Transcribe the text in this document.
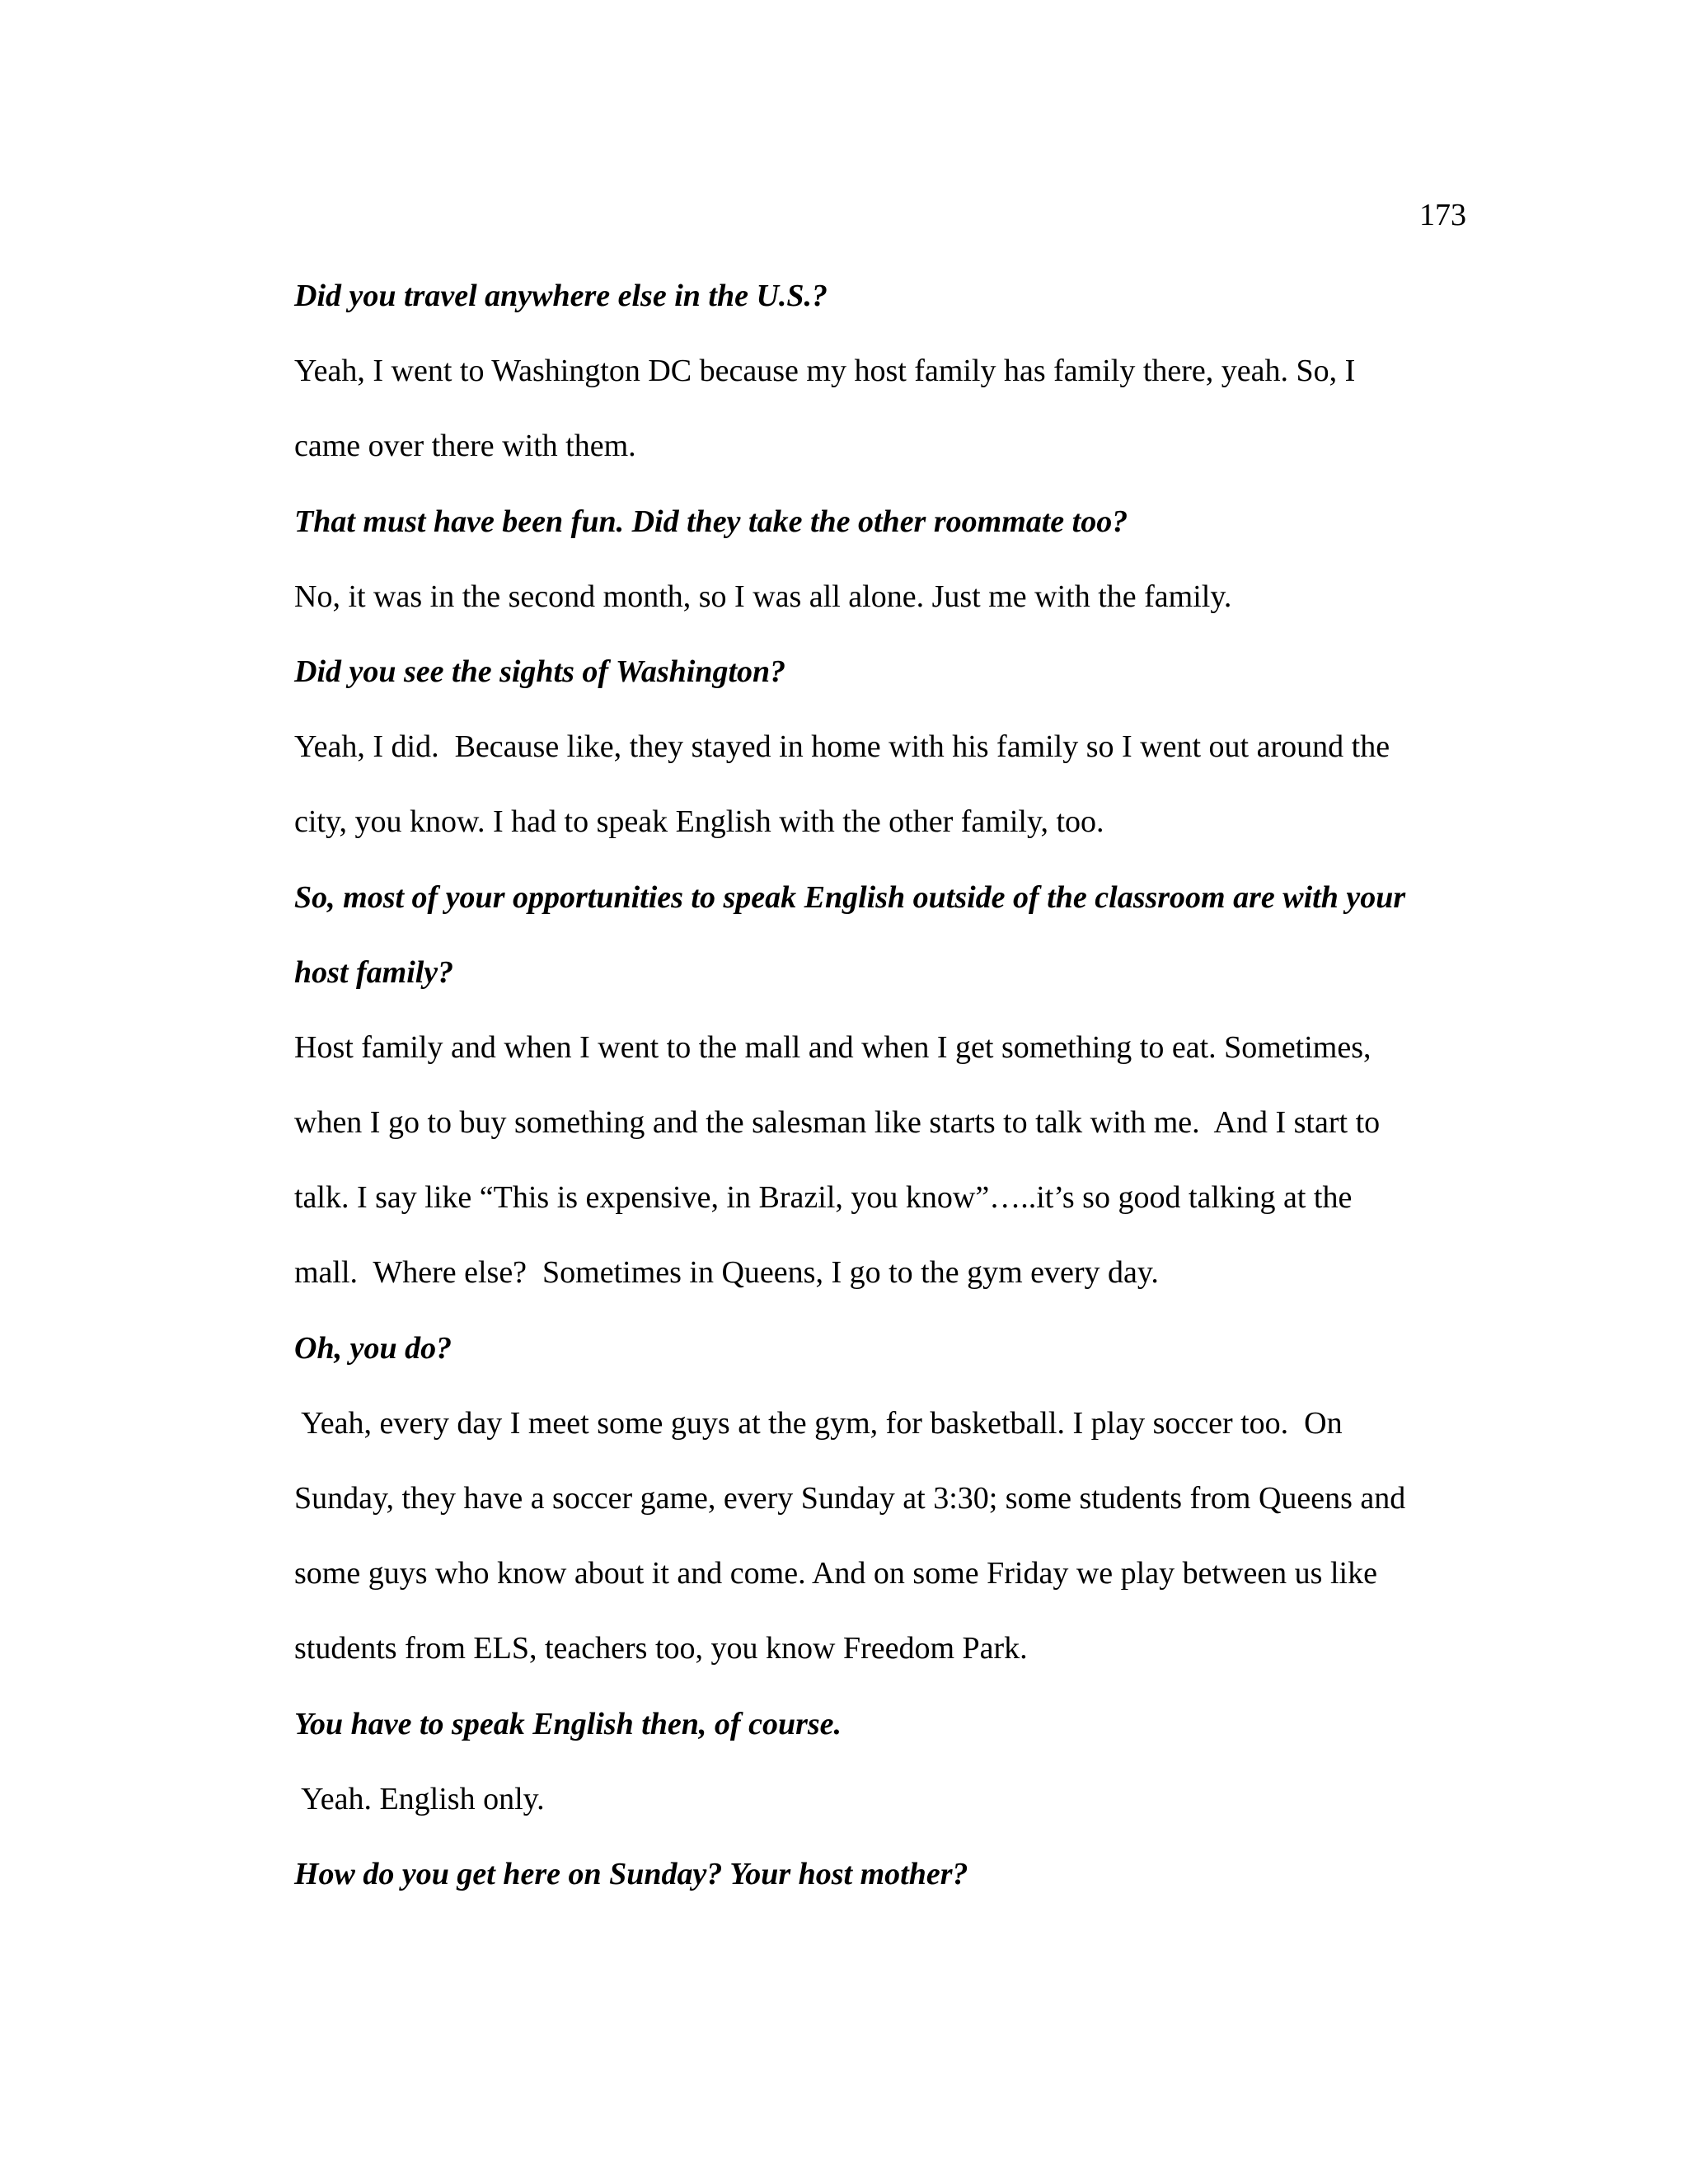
173
Did you travel anywhere else in the U.S.?
Yeah, I went to Washington DC because my host family has family there, yeah. So, I
came over there with them.
That must have been fun. Did they take the other roommate too?
No, it was in the second month, so I was all alone. Just me with the family.
Did you see the sights of Washington?
Yeah, I did.  Because like, they stayed in home with his family so I went out around the
city, you know. I had to speak English with the other family, too.
So, most of your opportunities to speak English outside of the classroom are with your
host family?
Host family and when I went to the mall and when I get something to eat. Sometimes,
when I go to buy something and the salesman like starts to talk with me.  And I start to
talk. I say like “This is expensive, in Brazil, you know”…..it’s so good talking at the
mall.  Where else?  Sometimes in Queens, I go to the gym every day.
Oh, you do?
Yeah, every day I meet some guys at the gym, for basketball. I play soccer too.  On
Sunday, they have a soccer game, every Sunday at 3:30; some students from Queens and
some guys who know about it and come. And on some Friday we play between us like
students from ELS, teachers too, you know Freedom Park.
You have to speak English then, of course.
Yeah. English only.
How do you get here on Sunday? Your host mother?
